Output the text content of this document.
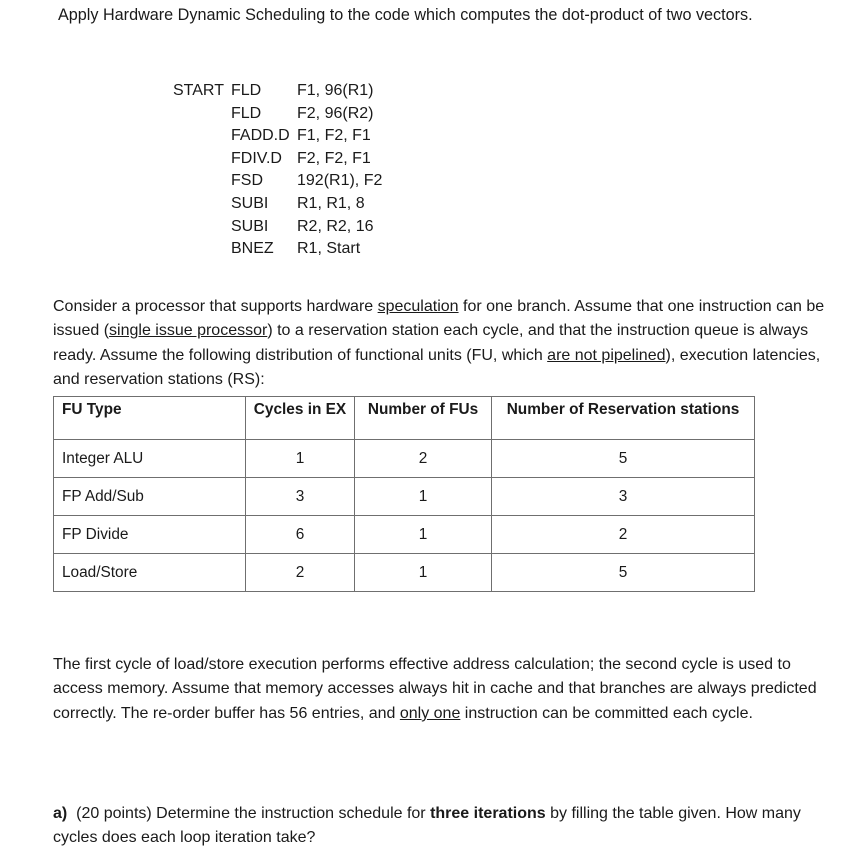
Apply Hardware Dynamic Scheduling to the code which computes the dot-product of two vectors.
START FLD	F1, 96(R1)
FLD	F2, 96(R2)
FADD.D F1, F2, F1
FDIV.D F2, F2, F1
FSD	192(R1), F2
SUBI	R1, R1, 8
SUBI	R2, R2, 16
BNEZ	R1, Start
Consider a processor that supports hardware speculation for one branch. Assume that one instruction can be issued (single issue processor) to a reservation station each cycle, and that the instruction queue is always ready. Assume the following distribution of functional units (FU, which are not pipelined), execution latencies, and reservation stations (RS):
FU Type	Cycles in EX	Number of FUs	Number of Reservation stations
Integer ALU	1	2	5
FP Add/Sub	3	1	3
FP Divide	6	1	2
Load/Store	2	1	5
The first cycle of load/store execution performs effective address calculation; the second cycle is used to access memory. Assume that memory accesses always hit in cache and that branches are always predicted correctly. The re-order buffer has 56 entries, and only one instruction can be committed each cycle.
a) (20 points) Determine the instruction schedule for three iterations by filling the table given. How many cycles does each loop iteration take?
